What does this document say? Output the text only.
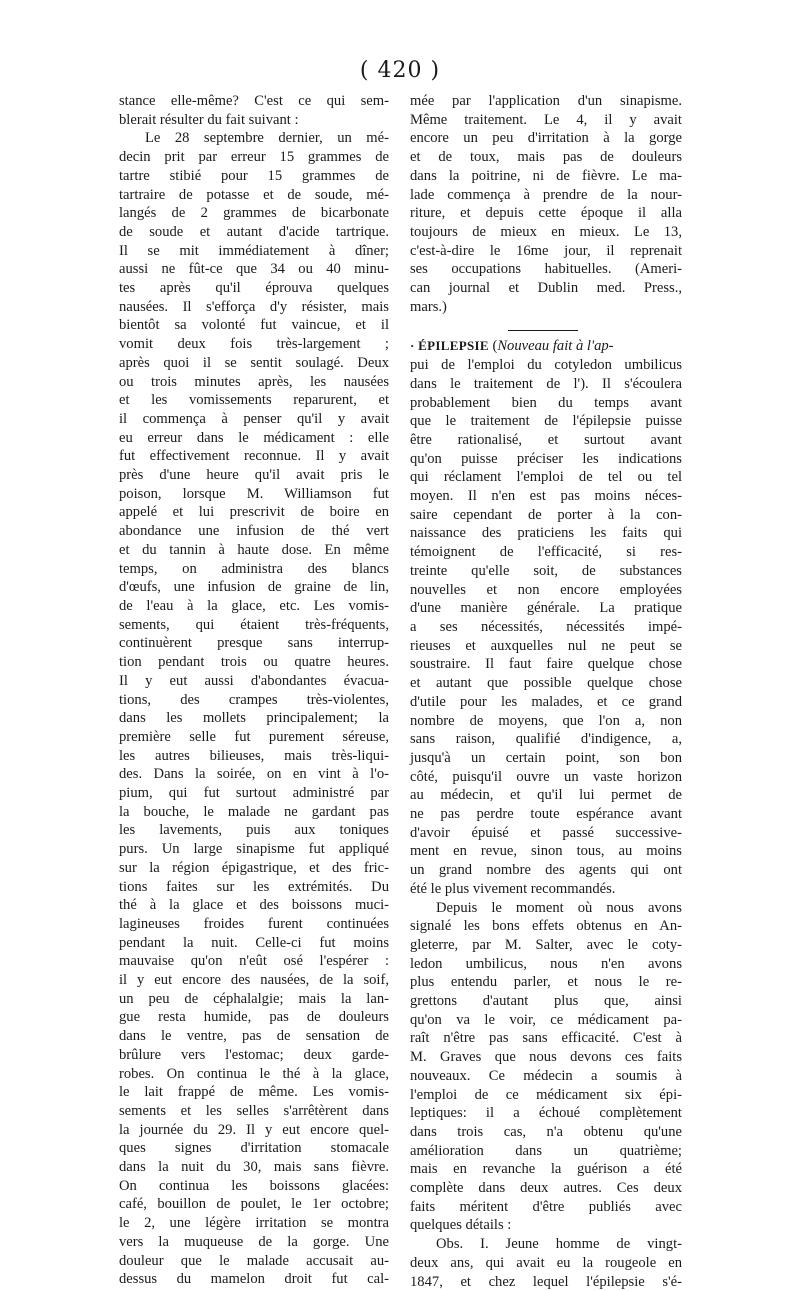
( 420 )
stance elle-même? C'est ce qui sem-
blerait résulter du fait suivant :
Le 28 septembre dernier, un mé-
decin prit par erreur 15 grammes de
tartre stibié pour 15 grammes de
tartraire de potasse et de soude, mé-
langés de 2 grammes de bicarbonate
de soude et autant d'acide tartrique.
Il se mit immédiatement à dîner;
aussi ne fût-ce que 34 ou 40 minu-
tes après qu'il éprouva quelques
nausées. Il s'efforça d'y résister, mais
bientôt sa volonté fut vaincue, et il
vomit deux fois très-largement ;
après quoi il se sentit soulagé. Deux
ou trois minutes après, les nausées
et les vomissements reparurent, et
il commença à penser qu'il y avait
eu erreur dans le médicament : elle
fut effectivement reconnue. Il y avait
près d'une heure qu'il avait pris le
poison, lorsque M. Williamson fut
appelé et lui prescrivit de boire en
abondance une infusion de thé vert
et du tannin à haute dose. En même
temps, on administra des blancs
d'œufs, une infusion de graine de lin,
de l'eau à la glace, etc. Les vomis-
sements, qui étaient très-fréquents,
continuèrent presque sans interrup-
tion pendant trois ou quatre heures.
Il y eut aussi d'abondantes évacua-
tions, des crampes très-violentes,
dans les mollets principalement; la
première selle fut purement séreuse,
les autres bilieuses, mais très-liqui-
des. Dans la soirée, on en vint à l'o-
pium, qui fut surtout administré par
la bouche, le malade ne gardant pas
les lavements, puis aux toniques
purs. Un large sinapisme fut appliqué
sur la région épigastrique, et des fric-
tions faites sur les extrémités. Du
thé à la glace et des boissons muci-
lagineuses froides furent continuées
pendant la nuit. Celle-ci fut moins
mauvaise qu'on n'eût osé l'espérer :
il y eut encore des nausées, de la soif,
un peu de céphalalgie; mais la lan-
gue resta humide, pas de douleurs
dans le ventre, pas de sensation de
brûlure vers l'estomac; deux garde-
robes. On continua le thé à la glace,
le lait frappé de même. Les vomis-
sements et les selles s'arrêtèrent dans
la journée du 29. Il y eut encore quel-
ques signes d'irritation stomacale
dans la nuit du 30, mais sans fièvre.
On continua les boissons glacées:
café, bouillon de poulet, le 1er octobre;
le 2, une légère irritation se montra
vers la muqueuse de la gorge. Une
douleur que le malade accusait au-
dessus du mamelon droit fut cal-
mée par l'application d'un sinapisme.
Même traitement. Le 4, il y avait
encore un peu d'irritation à la gorge
et de toux, mais pas de douleurs
dans la poitrine, ni de fièvre. Le ma-
lade commença à prendre de la nour-
riture, et depuis cette époque il alla
toujours de mieux en mieux. Le 13,
c'est-à-dire le 16me jour, il reprenait
ses occupations habituelles. (Ameri-
can journal et Dublin med. Press.,
mars.)
· ÉPILEPSIE (Nouveau fait à l'ap-
pui de l'emploi du cotyledon umbilicus
dans le traitement de l'). Il s'écoulera
probablement bien du temps avant
que le traitement de l'épilepsie puisse
être rationalisé, et surtout avant
qu'on puisse préciser les indications
qui réclament l'emploi de tel ou tel
moyen. Il n'en est pas moins néces-
saire cependant de porter à la con-
naissance des praticiens les faits qui
témoignent de l'efficacité, si res-
treinte qu'elle soit, de substances
nouvelles et non encore employées
d'une manière générale. La pratique
a ses nécessités, nécessités impé-
rieuses et auxquelles nul ne peut se
soustraire. Il faut faire quelque chose
et autant que possible quelque chose
d'utile pour les malades, et ce grand
nombre de moyens, que l'on a, non
sans raison, qualifié d'indigence, a,
jusqu'à un certain point, son bon
côté, puisqu'il ouvre un vaste horizon
au médecin, et qu'il lui permet de
ne pas perdre toute espérance avant
d'avoir épuisé et passé successive-
ment en revue, sinon tous, au moins
un grand nombre des agents qui ont
été le plus vivement recommandés.
Depuis le moment où nous avons
signalé les bons effets obtenus en An-
gleterre, par M. Salter, avec le coty-
ledon umbilicus, nous n'en avons
plus entendu parler, et nous le re-
grettons d'autant plus que, ainsi
qu'on va le voir, ce médicament pa-
raît n'être pas sans efficacité. C'est à
M. Graves que nous devons ces faits
nouveaux. Ce médecin a soumis à
l'emploi de ce médicament six épi-
leptiques: il a échoué complètement
dans trois cas, n'a obtenu qu'une
amélioration dans un quatrième;
mais en revanche la guérison a été
complète dans deux autres. Ces deux
faits méritent d'être publiés avec
quelques détails :
Obs. I. Jeune homme de vingt-
deux ans, qui avait eu la rougeole en
1847, et chez lequel l'épilepsie s'é-
